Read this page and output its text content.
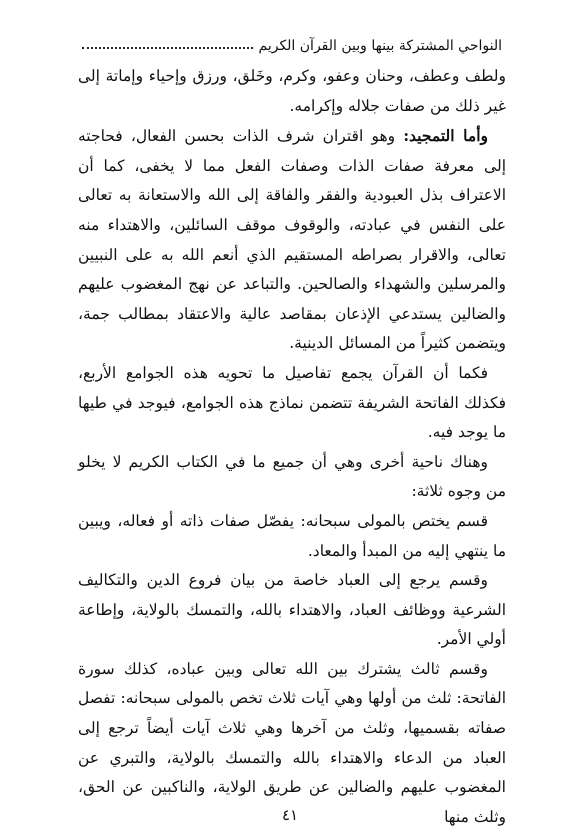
النواحي المشتركة بينها وبين القرآن الكريم

ولطف وعطف، وحنان وعفو، وكرم، وخَلق، ورزق وإحياء وإماتة إلى غير ذلك من صفات جلاله وإكرامه.

وأما التمجيد: وهو اقتران شرف الذات بحسن الفعال، فحاجته إلى معرفة صفات الذات وصفات الفعل مما لا يخفى، كما أن الاعتراف بذل العبودية والفقر والفاقة إلى الله والاستعانة به تعالى على النفس في عبادته، والوقوف موقف السائلين، والاهتداء منه تعالى، والاقرار بصراطه المستقيم الذي أنعم الله به على النبيين والمرسلين والشهداء والصالحين. والتباعد عن نهج المغضوب عليهم والضالين يستدعي الإذعان بمقاصد عالية والاعتقاد بمطالب جمة، ويتضمن كثيراً من المسائل الدينية.

فكما أن القرآن يجمع تفاصيل ما تحويه هذه الجوامع الأربع، فكذلك الفاتحة الشريفة تتضمن نماذج هذه الجوامع، فيوجد في طيها ما يوجد فيه.

وهناك ناحية أخرى وهي أن جميع ما في الكتاب الكريم لا يخلو من وجوه ثلاثة:

قسم يختص بالمولى سبحانه: يفصّل صفات ذاته أو فعاله، ويبين ما ينتهي إليه من المبدأ والمعاد.

وقسم يرجع إلى العباد خاصة من بيان فروع الدين والتكاليف الشرعية ووظائف العباد، والاهتداء بالله، والتمسك بالولاية، وإطاعة أولي الأمر.

وقسم ثالث يشترك بين الله تعالى وبين عباده، كذلك سورة الفاتحة: ثلث من أولها وهي آيات ثلاث تخص بالمولى سبحانه: تفصل صفاته بقسميها، وثلث من آخرها وهي ثلاث آيات أيضاً ترجع إلى العباد من الدعاء والاهتداء بالله والتمسك بالولاية، والتبري عن المغضوب عليهم والضالين عن طريق الولاية، والناكبين عن الحق، وثلث منها

٤١
